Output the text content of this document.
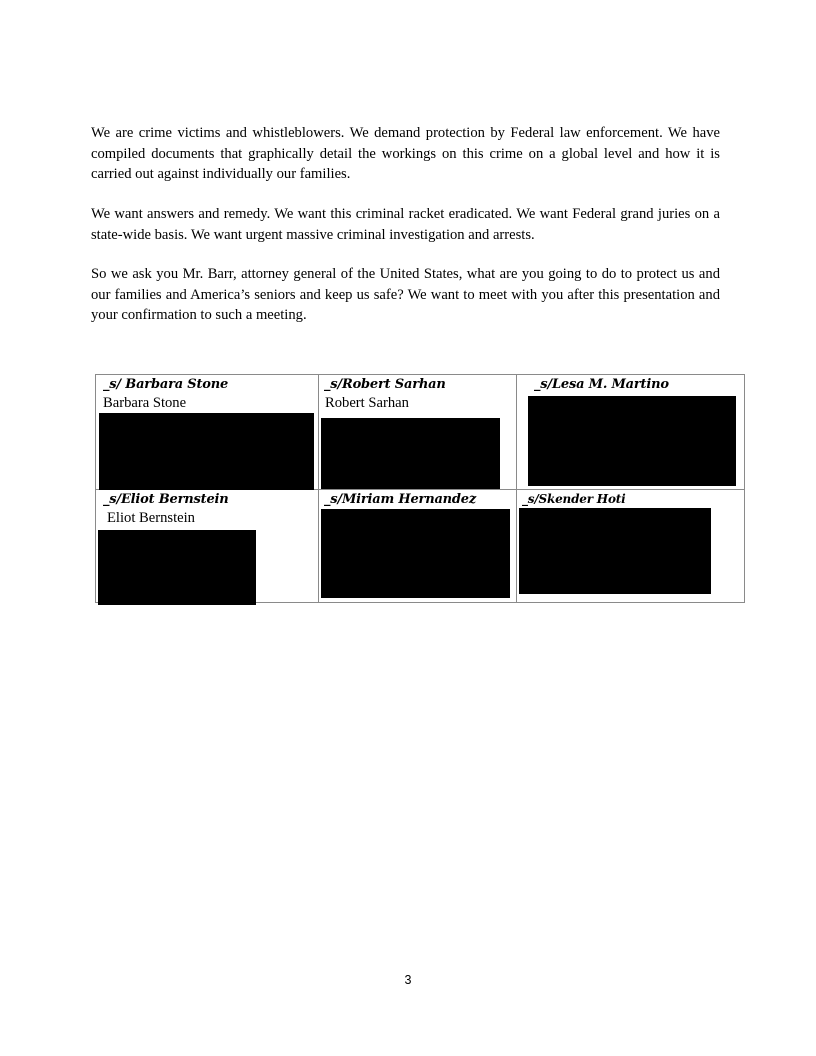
We are crime victims and whistleblowers. We demand protection by Federal law enforcement. We have compiled documents that graphically detail the workings on this crime on a global level and how it is carried out against individually our families.

We want answers and remedy. We want this criminal racket eradicated. We want Federal grand juries on a state-wide basis. We want urgent massive criminal investigation and arrests.

So we ask you Mr. Barr, attorney general of the United States, what are you going to do to protect us and our families and America’s seniors and keep us safe? We want to meet with you after this presentation and your confirmation to such a meeting.

_s/ Barbara Stone
Barbara Stone
_s/Robert Sarhan
Robert Sarhan
_s/Lesa M. Martino
_s/Eliot Bernstein
Eliot Bernstein
_s/Miriam Hernandez	_s/Skender Hoti
3
